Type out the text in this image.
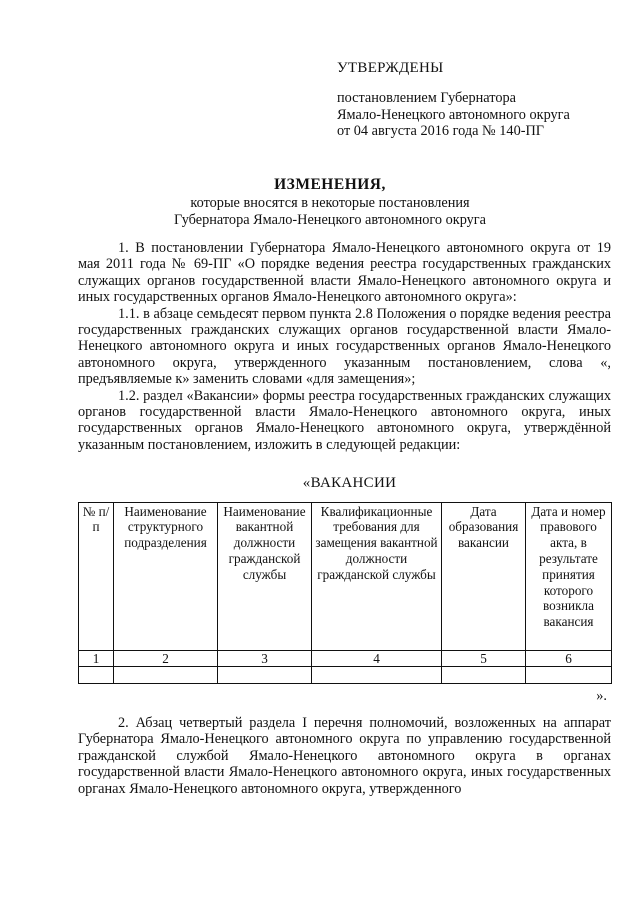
УТВЕРЖДЕНЫ
постановлением Губернатора
Ямало-Ненецкого автономного округа
от 04 августа 2016 года № 140-ПГ
ИЗМЕНЕНИЯ,
которые вносятся в некоторые постановления
Губернатора Ямало-Ненецкого автономного округа

1. В постановлении Губернатора Ямало-Ненецкого автономного округа от 19 мая 2011 года № 69-ПГ «О порядке ведения реестра государственных гражданских служащих органов государственной власти Ямало-Ненецкого автономного округа и иных государственных органов Ямало-Ненецкого автономного округа»:

1.1. в абзаце семьдесят первом пункта 2.8 Положения о порядке ведения реестра государственных гражданских служащих органов государственной власти Ямало-Ненецкого автономного округа и иных государственных органов Ямало-Ненецкого автономного округа, утвержденного указанным постановлением, слова «, предъявляемые к» заменить словами «для замещения»;

1.2. раздел «Вакансии» формы реестра государственных гражданских служащих органов государственной власти Ямало-Ненецкого автономного округа, иных государственных органов Ямало-Ненецкого автономного округа, утверждённой указанным постановлением, изложить в следующей редакции:

«ВАКАНСИИ
№ п/п	Наименование структурного подразделения	Наименование вакантной должности гражданской службы	Квалификационные требования для замещения вакантной должности гражданской службы	Дата образования вакансии	Дата и номер правового акта, в результате принятия которого возникла вакансия
1	2	3	4	5	6

».

2. Абзац четвертый раздела I перечня полномочий, возложенных на аппарат Губернатора Ямало-Ненецкого автономного округа по управлению государственной гражданской службой Ямало-Ненецкого автономного округа в органах государственной власти Ямало-Ненецкого автономного округа, иных государственных органах Ямало-Ненецкого автономного округа, утвержденного
